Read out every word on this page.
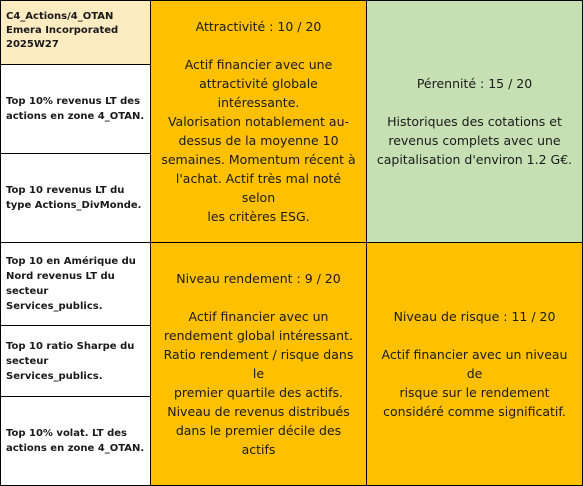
C4_Actions/4_OTAN
Emera Incorporated
2025W27
Top 10% revenus LT des actions en zone 4_OTAN.
Top 10 revenus LT du type Actions_DivMonde.
Top 10 en Amérique du Nord revenus LT du secteur Services_publics.
Top 10 ratio Sharpe du secteur Services_publics.
Top 10% volat. LT des actions en zone 4_OTAN.
Attractivité : 10 / 20
Actif financier avec une
attractivité globale intéressante.
Valorisation notablement au-
dessus de la moyenne 10
semaines. Momentum récent à
l'achat. Actif très mal noté selon
les critères ESG.
Pérennité : 15 / 20
Historiques des cotations et
revenus complets avec une
capitalisation d'environ 1.2 G€.
Niveau rendement : 9 / 20
Actif financier avec un
rendement global intéressant.
Ratio rendement / risque dans le
premier quartile des actifs.
Niveau de revenus distribués
dans le premier décile des actifs
Niveau de risque : 11 / 20
Actif financier avec un niveau de
risque sur le rendement
considéré comme significatif.
